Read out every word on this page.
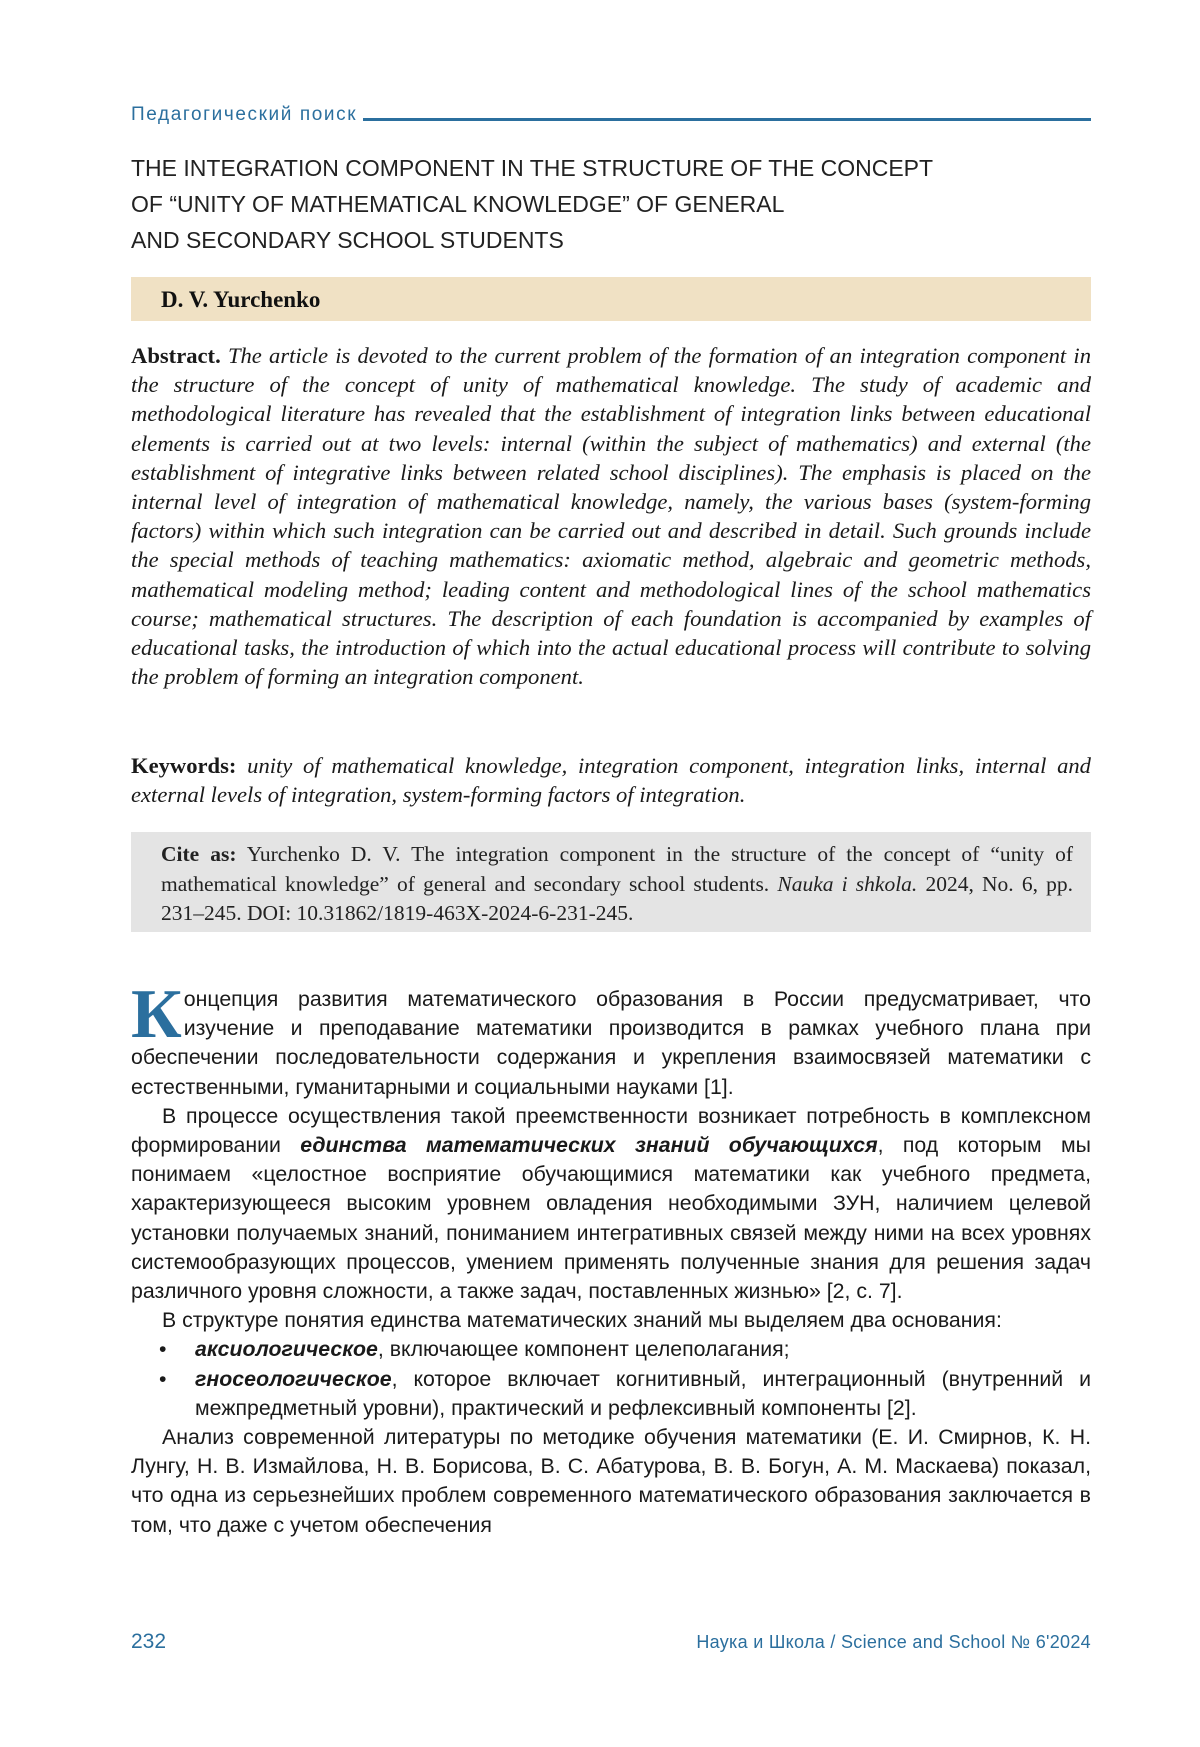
Педагогический поиск
THE INTEGRATION COMPONENT IN THE STRUCTURE OF THE CONCEPT
OF “UNITY OF MATHEMATICAL KNOWLEDGE” OF GENERAL
AND SECONDARY SCHOOL STUDENTS
D. V. Yurchenko
Abstract. The article is devoted to the current problem of the formation of an integration component in the structure of the concept of unity of mathematical knowledge. The study of academic and methodological literature has revealed that the establishment of integration links between educational elements is carried out at two levels: internal (within the subject of mathematics) and external (the establishment of integrative links between related school disciplines). The emphasis is placed on the internal level of integration of mathematical knowledge, namely, the various bases (system-forming factors) within which such integration can be carried out and described in detail. Such grounds include the special methods of teaching mathematics: axiomatic method, algebraic and geometric methods, mathematical modeling method; leading content and methodological lines of the school mathematics course; mathematical structures. The description of each foundation is accompanied by examples of educational tasks, the introduction of which into the actual educational process will contribute to solving the problem of forming an integration component.
Keywords: unity of mathematical knowledge, integration component, integration links, internal and external levels of integration, system-forming factors of integration.
Cite as: Yurchenko D. V. The integration component in the structure of the concept of “unity of mathematical knowledge” of general and secondary school students. Nauka i shkola. 2024, No. 6, pp. 231–245. DOI: 10.31862/1819-463X-2024-6-231-245.

Концепция развития математического образования в России предусматривает, что изучение и преподавание математики производится в рамках учебного плана при обеспечении последовательности содержания и укрепления взаимосвязей математики с естественными, гуманитарными и социальными науками [1].

В процессе осуществления такой преемственности возникает потребность в комплексном формировании единства математических знаний обучающихся, под которым мы понимаем «целостное восприятие обучающимися математики как учебного предмета, характеризующееся высоким уровнем овладения необходимыми ЗУН, наличием целевой установки получаемых знаний, пониманием интегративных связей между ними на всех уровнях системообразующих процессов, умением применять полученные знания для решения задач различного уровня сложности, а также задач, поставленных жизнью» [2, с. 7].

В структуре понятия единства математических знаний мы выделяем два основания:

• аксиологическое, включающее компонент целеполагания;
• гносеологическое, которое включает когнитивный, интеграционный (внутренний и межпредметный уровни), практический и рефлексивный компоненты [2].

Анализ современной литературы по методике обучения математики (Е. И. Смирнов, К. Н. Лунгу, Н. В. Измайлова, Н. В. Борисова, В. С. Абатурова, В. В. Богун, А. М. Маскаева) показал, что одна из серьезнейших проблем современного математического образования заключается в том, что даже с учетом обеспечения

232	Наука и Школа / Science and School № 6'2024
